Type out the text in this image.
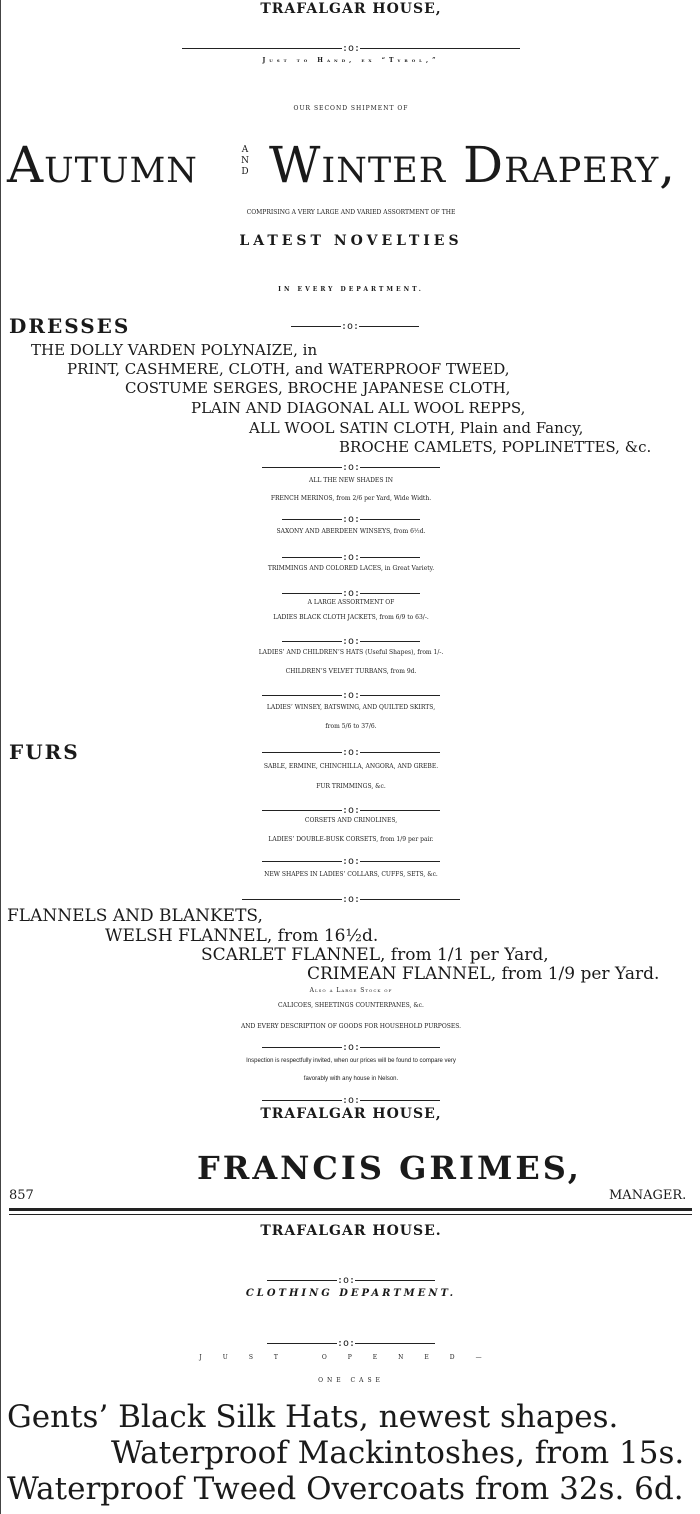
TRAFALGAR HOUSE,
:o:
Just to Hand, ex “Tyrol,”
OUR SECOND SHIPMENT OF
Autumn	AND Winter Drapery,
COMPRISING A VERY LARGE AND VARIED ASSORTMENT OF THE
LATEST NOVELTIES
IN EVERY DEPARTMENT.
DRESSES	:o:
THE DOLLY VARDEN POLYNAIZE, in
PRINT, CASHMERE, CLOTH, and WATERPROOF TWEED,
COSTUME SERGES, BROCHE JAPANESE CLOTH,
PLAIN AND DIAGONAL ALL WOOL REPPS,
ALL WOOL SATIN CLOTH, Plain and Fancy,
BROCHE CAMLETS, POPLINETTES, &c.
:o:
ALL THE NEW SHADES IN
FRENCH MERINOS, from 2/6 per Yard, Wide Width.
:o:
SAXONY AND ABERDEEN WINSEYS, from 6½d.
:o:
TRIMMINGS AND COLORED LACES, in Great Variety.
:o:
A LARGE ASSORTMENT OF
LADIES BLACK CLOTH JACKETS, from 6/9 to 63/-.
:o:
LADIES’ AND CHILDREN’S HATS (Useful Shapes), from 1/-.
CHILDREN’S VELVET TURBANS, from 9d.
:o:
LADIES’ WINSEY, BATSWING, AND QUILTED SKIRTS,
from 5/6 to 37/6.
FURS	:o:
SABLE, ERMINE, CHINCHILLA, ANGORA, AND GREBE.
FUR TRIMMINGS, &c.
:o:
CORSETS AND CRINOLINES,
LADIES’ DOUBLE-BUSK CORSETS, from 1/9 per pair.
:o:
NEW SHAPES IN LADIES’ COLLARS, CUFFS, SETS, &c.
:o:
FLANNELS AND BLANKETS,
WELSH FLANNEL, from 16½d.
SCARLET FLANNEL, from 1/1 per Yard,
CRIMEAN FLANNEL, from 1/9 per Yard.
Also a Large Stock of
CALICOES, SHEETINGS COUNTERPANES, &c.
AND EVERY DESCRIPTION OF GOODS FOR HOUSEHOLD PURPOSES.
:o:
Inspection is respectfully invited, when our prices will be found to compare very
favorably with any house in Nelson.
:o:
TRAFALGAR HOUSE,
FRANCIS GRIMES,
857	MANAGER.
TRAFALGAR HOUSE.
:o:
CLOTHING DEPARTMENT.
:o:
JUST OPENED—
ONE CASE
Gents’ Black Silk Hats, newest shapes.
Waterproof Mackintoshes, from 15s.
Waterproof Tweed Overcoats from 32s. 6d.
